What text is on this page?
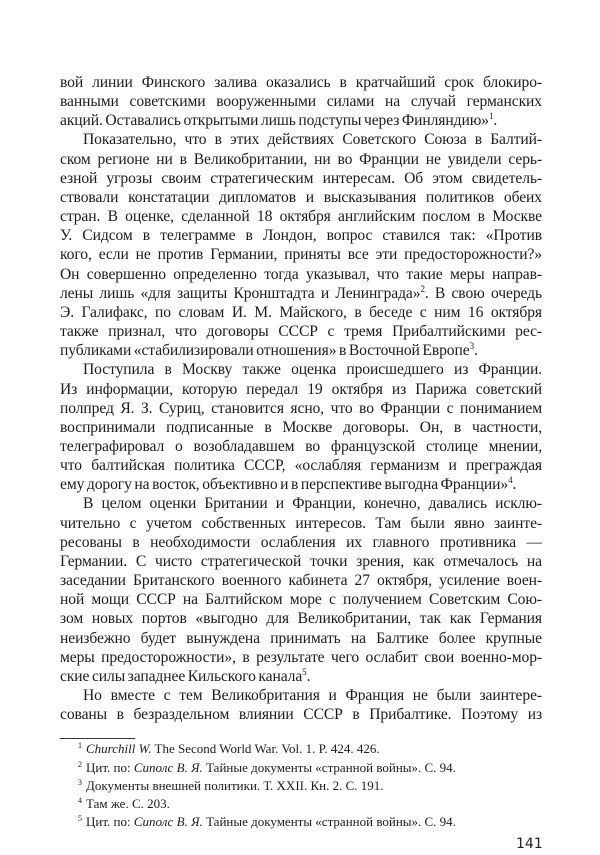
вой линии Финского залива оказались в кратчайший срок блокиро-
ванными советскими вооруженными силами на случай германских
акций. Оставались открытыми лишь подступы через Финляндию»$^1$.
Показательно, что в этих действиях Советского Союза в Балтий-
ском регионе ни в Великобритании, ни во Франции не увидели серь-
езной угрозы своим стратегическим интересам. Об этом свидетель-
ствовали констатации дипломатов и высказывания политиков обеих
стран. В оценке, сделанной 18 октября английским послом в Москве
У. Сидсом в телеграмме в Лондон, вопрос ставился так: «Против
кого, если не против Германии, приняты все эти предосторожности?»
Он совершенно определенно тогда указывал, что такие меры направ-
лены лишь «для защиты Кронштадта и Ленинграда»$^2$. В свою очередь
Э. Галифакс, по словам И. М. Майского, в беседе с ним 16 октября
также признал, что договоры СССР с тремя Прибалтийскими рес-
публиками «стабилизировали отношения» в Восточной Европе$^3$.
Поступила в Москву также оценка происшедшего из Франции.
Из информации, которую передал 19 октября из Парижа советский
полпред Я. З. Суриц, становится ясно, что во Франции с пониманием
воспринимали подписанные в Москве договоры. Он, в частности,
телеграфировал о возобладавшем во французской столице мнении,
что балтийская политика СССР, «ослабляя германизм и преграждая
ему дорогу на восток, объективно и в перспективе выгодна Франции»$^4$.
В целом оценки Британии и Франции, конечно, давались исклю-
чительно с учетом собственных интересов. Там были явно заинте-
ресованы в необходимости ослабления их главного противника —
Германии. С чисто стратегической точки зрения, как отмечалось на
заседании Британского военного кабинета 27 октября, усиление воен-
ной мощи СССР на Балтийском море с получением Советским Сою-
зом новых портов «выгодно для Великобритании, так как Германия
неизбежно будет вынуждена принимать на Балтике более крупные
меры предосторожности», в результате чего ослабит свои военно-мор-
ские силы западнее Кильского канала$^5$.
Но вместе с тем Великобритания и Франция не были заинтере-
сованы в безраздельном влиянии СССР в Прибалтике. Поэтому из
$^1$ Churchill W. The Second World War. Vol. 1. P. 424. 426.
$^2$ Цит. по: Сиполс В. Я. Тайные документы «странной войны». С. 94.
$^3$ Документы внешней политики. Т. XXII. Кн. 2. С. 191.
$^4$ Там же. С. 203.
$^5$ Цит. по: Сиполс В. Я. Тайные документы «странной войны». С. 94.
141
